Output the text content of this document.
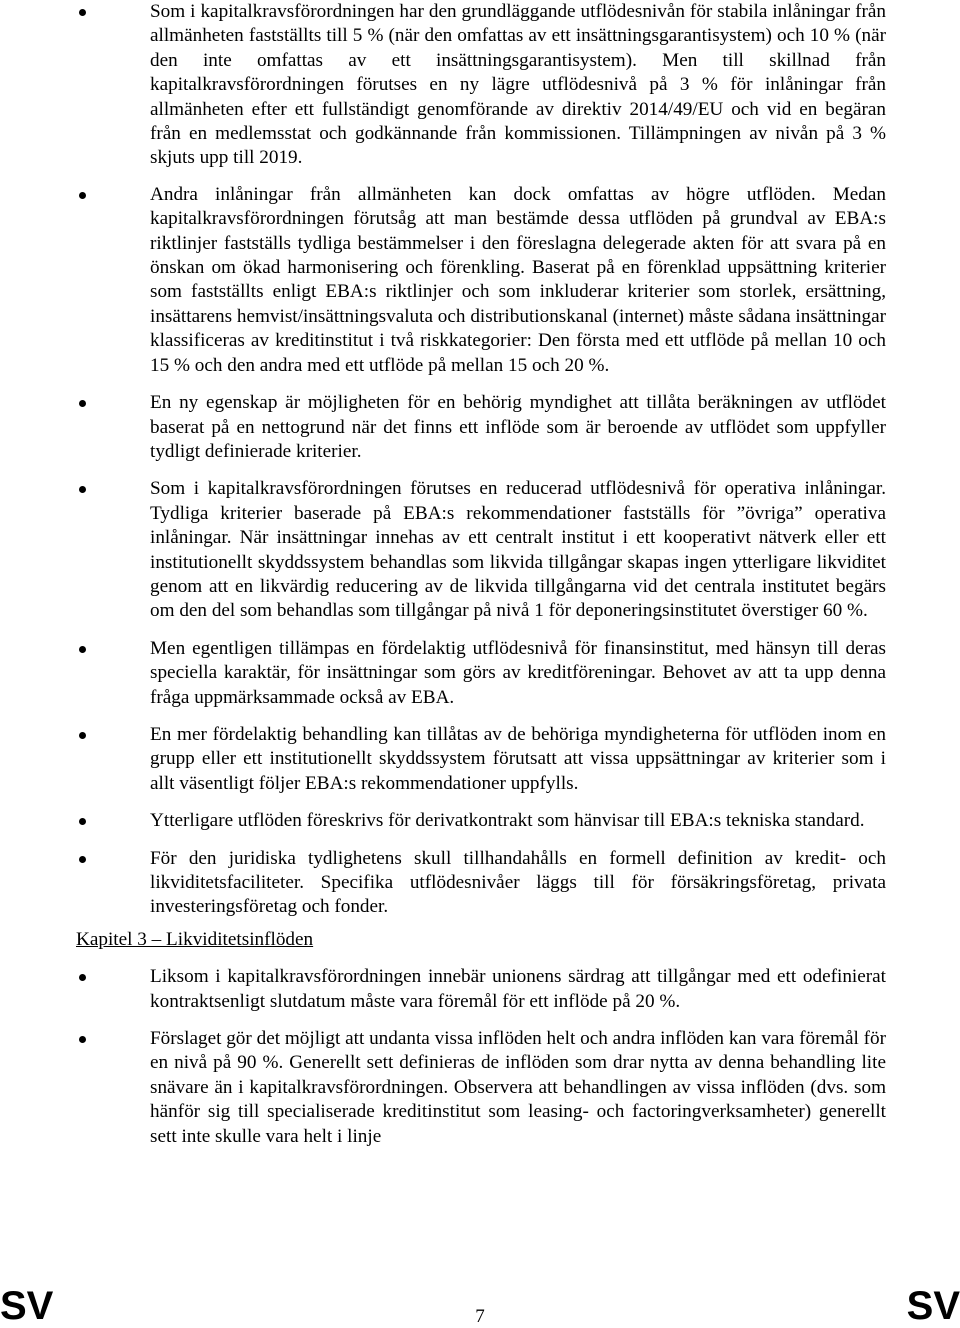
Som i kapitalkravsförordningen har den grundläggande utflödesnivån för stabila inlåningar från allmänheten fastställts till 5 % (när den omfattas av ett insättningsgarantisystem) och 10 % (när den inte omfattas av ett insättningsgarantisystem). Men till skillnad från kapitalkravsförordningen förutses en ny lägre utflödesnivå på 3 % för inlåningar från allmänheten efter ett fullständigt genomförande av direktiv 2014/49/EU och vid en begäran från en medlemsstat och godkännande från kommissionen. Tillämpningen av nivån på 3 % skjuts upp till 2019.
Andra inlåningar från allmänheten kan dock omfattas av högre utflöden. Medan kapitalkravsförordningen förutsåg att man bestämde dessa utflöden på grundval av EBA:s riktlinjer fastställs tydliga bestämmelser i den föreslagna delegerade akten för att svara på en önskan om ökad harmonisering och förenkling. Baserat på en förenklad uppsättning kriterier som fastställts enligt EBA:s riktlinjer och som inkluderar kriterier som storlek, ersättning, insättarens hemvist/insättningsvaluta och distributionskanal (internet) måste sådana insättningar klassificeras av kreditinstitut i två riskkategorier: Den första med ett utflöde på mellan 10 och 15 % och den andra med ett utflöde på mellan 15 och 20 %.
En ny egenskap är möjligheten för en behörig myndighet att tillåta beräkningen av utflödet baserat på en nettogrund när det finns ett inflöde som är beroende av utflödet som uppfyller tydligt definierade kriterier.
Som i kapitalkravsförordningen förutses en reducerad utflödesnivå för operativa inlåningar. Tydliga kriterier baserade på EBA:s rekommendationer fastställs för ”övriga” operativa inlåningar. När insättningar innehas av ett centralt institut i ett kooperativt nätverk eller ett institutionellt skyddssystem behandlas som likvida tillgångar skapas ingen ytterligare likviditet genom att en likvärdig reducering av de likvida tillgångarna vid det centrala institutet begärs om den del som behandlas som tillgångar på nivå 1 för deponeringsinstitutet överstiger 60 %.
Men egentligen tillämpas en fördelaktig utflödesnivå för finansinstitut, med hänsyn till deras speciella karaktär, för insättningar som görs av kreditföreningar. Behovet av att ta upp denna fråga uppmärksammade också av EBA.
En mer fördelaktig behandling kan tillåtas av de behöriga myndigheterna för utflöden inom en grupp eller ett institutionellt skyddssystem förutsatt att vissa uppsättningar av kriterier som i allt väsentligt följer EBA:s rekommendationer uppfylls.
Ytterligare utflöden föreskrivs för derivatkontrakt som hänvisar till EBA:s tekniska standard.
För den juridiska tydlighetens skull tillhandahålls en formell definition av kredit- och likviditetsfaciliteter. Specifika utflödesnivåer läggs till för försäkringsföretag, privata investeringsföretag och fonder.
Kapitel 3 – Likviditetsinflöden
Liksom i kapitalkravsförordningen innebär unionens särdrag att tillgångar med ett odefinierat kontraktsenligt slutdatum måste vara föremål för ett inflöde på 20 %.
Förslaget gör det möjligt att undanta vissa inflöden helt och andra inflöden kan vara föremål för en nivå på 90 %. Generellt sett definieras de inflöden som drar nytta av denna behandling lite snävare än i kapitalkravsförordningen. Observera att behandlingen av vissa inflöden (dvs. som hänför sig till specialiserade kreditinstitut som leasing- och factoringverksamheter) generellt sett inte skulle vara helt i linje
SV	7	SV
